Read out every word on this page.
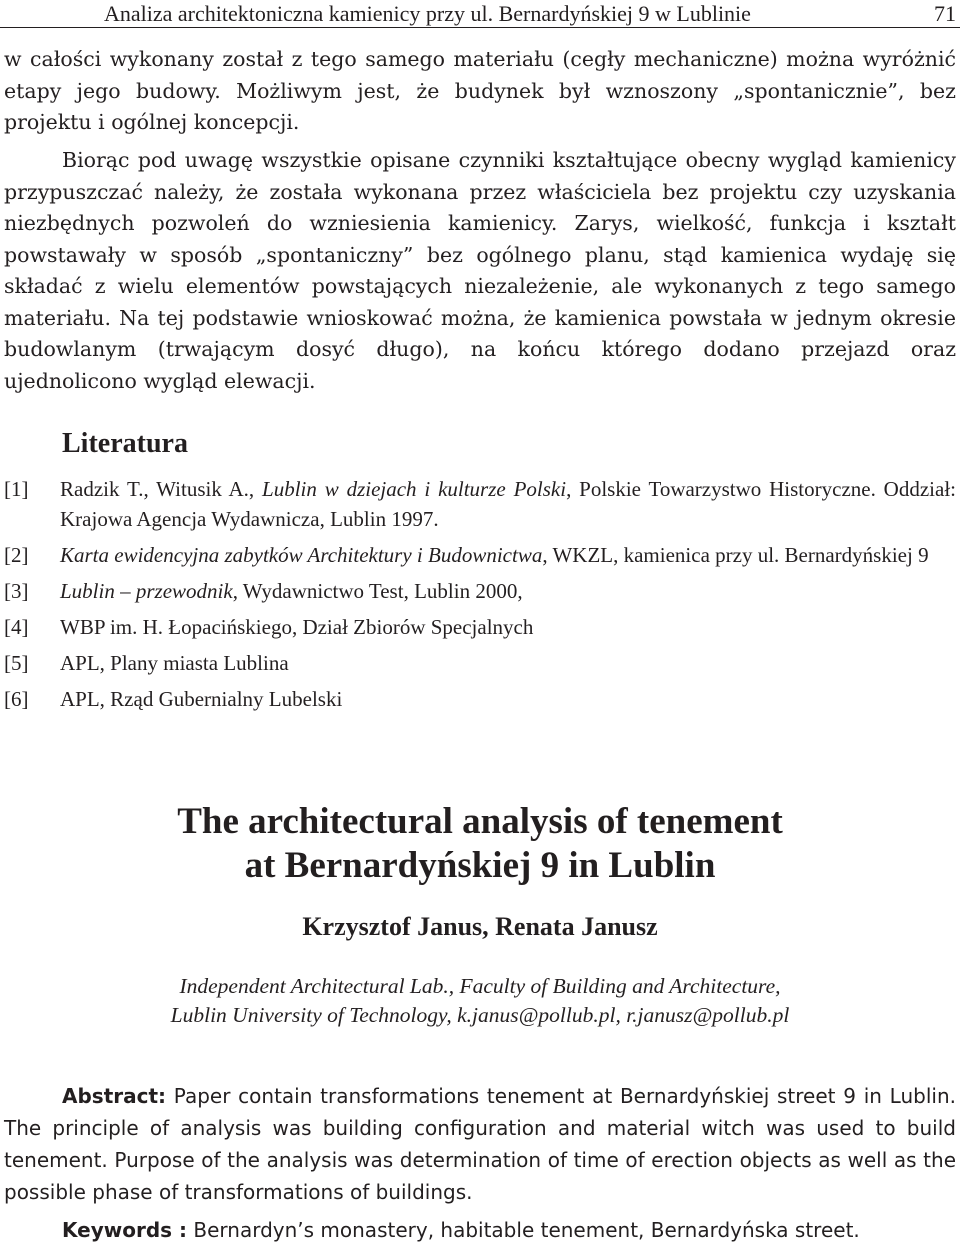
Analiza architektoniczna kamienicy przy ul. Bernardyńskiej 9 w Lublinie	71

w całości wykonany został z tego samego materiału (cegły mechaniczne) można wyróżnić etapy jego budowy. Możliwym jest, że budynek był wznoszony „spontanicznie”, bez projektu i ogólnej koncepcji.

Biorąc pod uwagę wszystkie opisane czynniki kształtujące obecny wygląd kamienicy przypuszczać należy, że została wykonana przez właściciela bez projektu czy uzyskania niezbędnych pozwoleń do wzniesienia kamienicy. Zarys, wielkość, funkcja i kształt powstawały w sposób „spontaniczny” bez ogólnego planu, stąd kamienica wydaję się składać z wielu elementów powstających niezależenie, ale wykonanych z tego samego materiału. Na tej podstawie wnioskować można, że kamienica powstała w jednym okresie budowlanym (trwającym dosyć długo), na końcu którego dodano przejazd oraz ujednolicono wygląd elewacji.

Literatura
[1] Radzik T., Witusik A., Lublin w dziejach i kulturze Polski, Polskie Towarzystwo Historyczne. Oddział: Krajowa Agencja Wydawnicza, Lublin 1997.
[2] Karta ewidencyjna zabytków Architektury i Budownictwa, WKZL, kamienica przy ul. Bernardyńskiej 9
[3] Lublin – przewodnik, Wydawnictwo Test, Lublin 2000,
[4] WBP im. H. Łopacińskiego, Dział Zbiorów Specjalnych
[5] APL, Plany miasta Lublina
[6] APL, Rząd Gubernialny Lubelski
The architectural analysis of tenement
at Bernardyńskiej 9 in Lublin

Krzysztof Janus, Renata Janusz

Independent Architectural Lab., Faculty of Building and Architecture,
Lublin University of Technology, k.janus@pollub.pl, r.janusz@pollub.pl

Abstract: Paper contain transformations tenement at Bernardyńskiej street 9 in Lublin. The principle of analysis was building configuration and material witch was used to build tenement. Purpose of the analysis was determination of time of erection objects as well as the possible phase of transformations of buildings.

Keywords : Bernardyn’s monastery, habitable tenement, Bernardyńska street.
